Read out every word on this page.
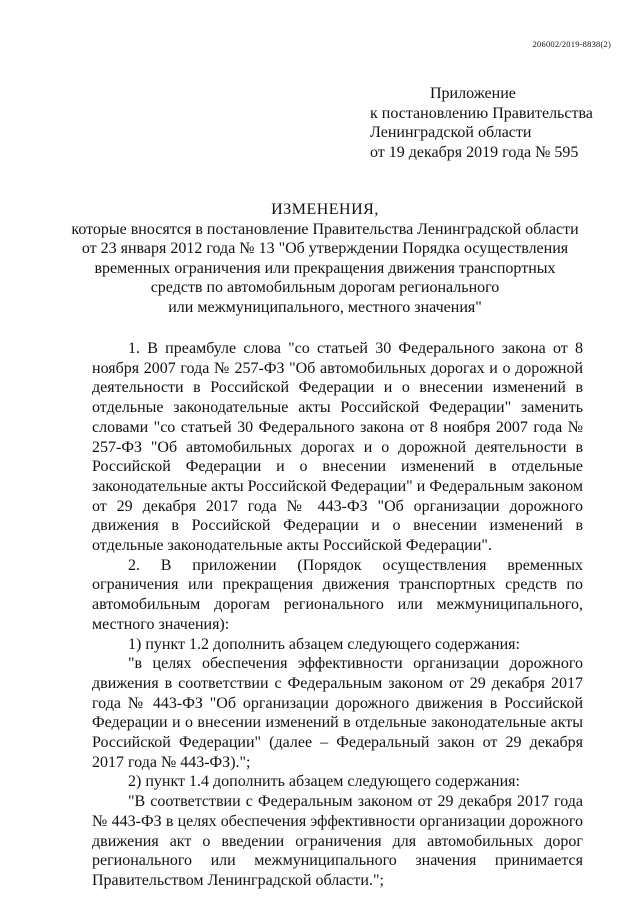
206002/2019-8838(2)
Приложение
к постановлению Правительства
Ленинградской области
от 19 декабря 2019 года № 595
ИЗМЕНЕНИЯ,
которые вносятся в постановление Правительства Ленинградской области
от 23 января 2012 года № 13 "Об утверждении Порядка осуществления
временных ограничения или прекращения движения транспортных
средств по автомобильным дорогам регионального
или межмуниципального, местного значения"

1. В преамбуле слова "со статьей 30 Федерального закона от 8 ноября 2007 года № 257-ФЗ "Об автомобильных дорогах и о дорожной деятельности в Российской Федерации и о внесении изменений в отдельные законодательные акты Российской Федерации" заменить словами "со статьей 30 Федерального закона от 8 ноября 2007 года № 257-ФЗ "Об автомобильных дорогах и о дорожной деятельности в Российской Федерации и о внесении изменений в отдельные законодательные акты Российской Федерации" и Федеральным законом от 29 декабря 2017 года № 443-ФЗ "Об организации дорожного движения в Российской Федерации и о внесении изменений в отдельные законодательные акты Российской Федерации".

2. В приложении (Порядок осуществления временных ограничения или прекращения движения транспортных средств по автомобильным дорогам регионального или межмуниципального, местного значения):

1) пункт 1.2 дополнить абзацем следующего содержания:

"в целях обеспечения эффективности организации дорожного движения в соответствии с Федеральным законом от 29 декабря 2017 года № 443-ФЗ "Об организации дорожного движения в Российской Федерации и о внесении изменений в отдельные законодательные акты Российской Федерации" (далее – Федеральный закон от 29 декабря 2017 года № 443-ФЗ).";

2) пункт 1.4 дополнить абзацем следующего содержания:

"В соответствии с Федеральным законом от 29 декабря 2017 года № 443-ФЗ в целях обеспечения эффективности организации дорожного движения акт о введении ограничения для автомобильных дорог регионального или межмуниципального значения принимается Правительством Ленинградской области.";
